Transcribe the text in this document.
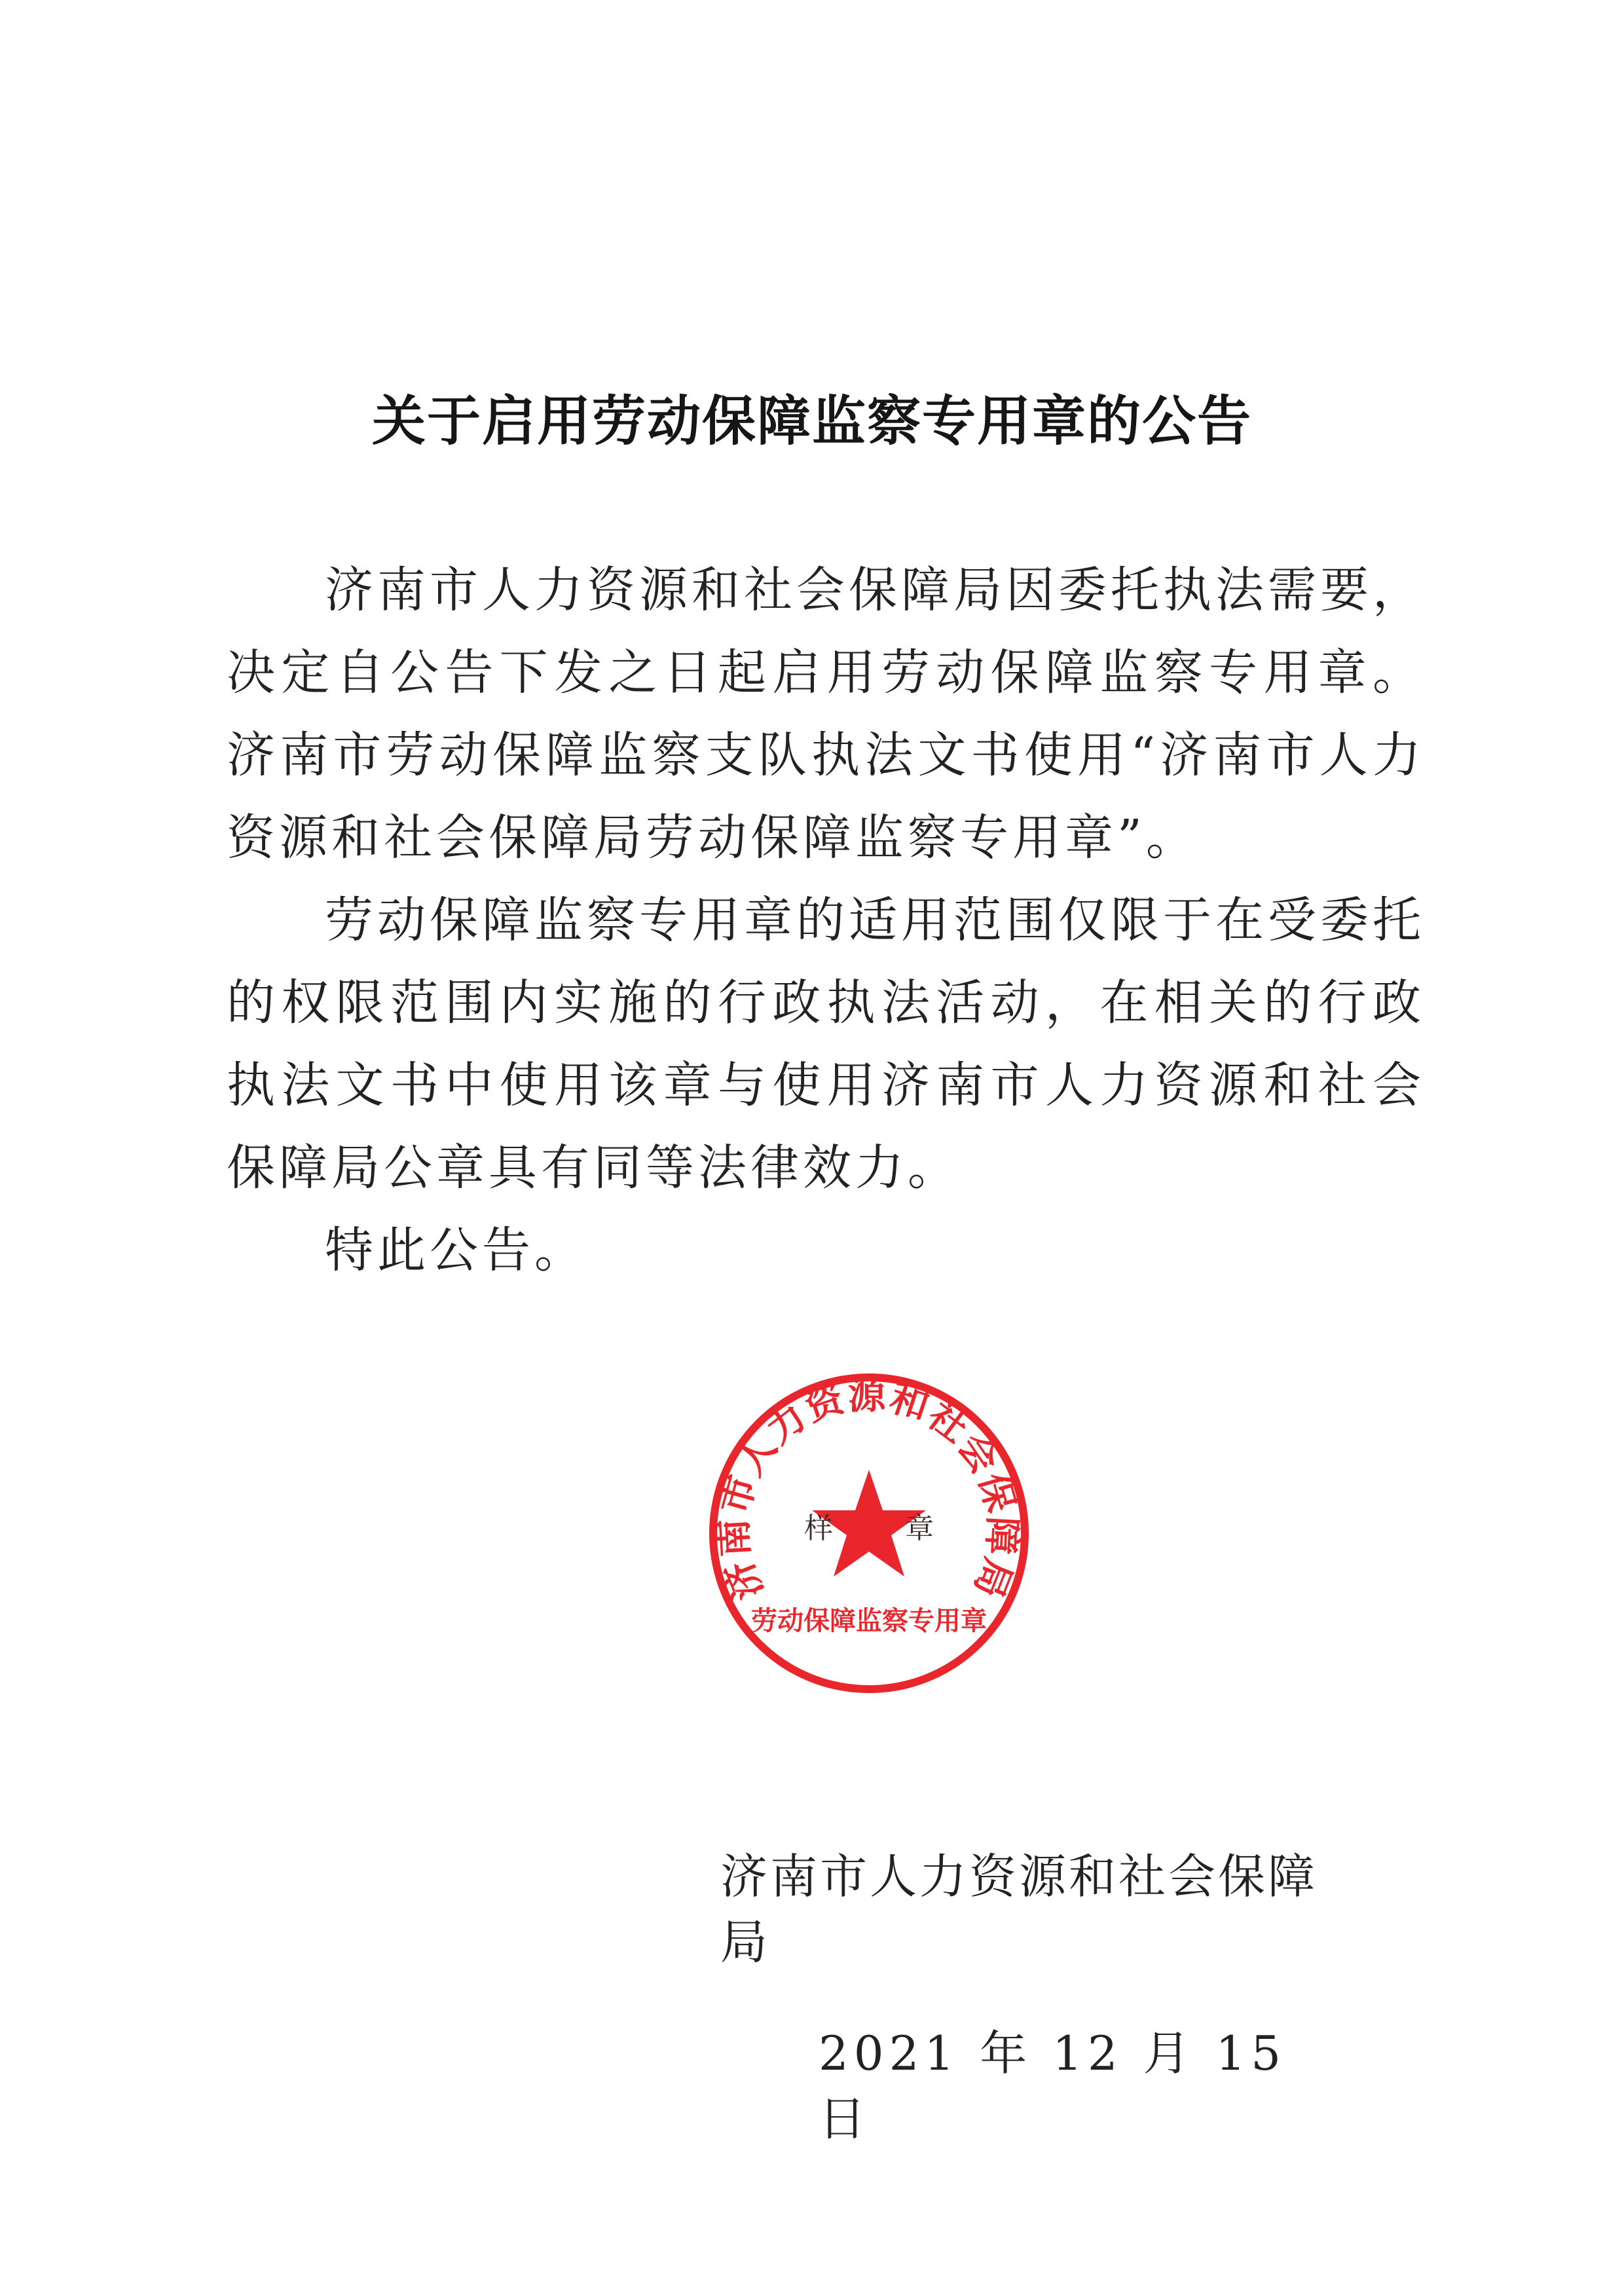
关于启用劳动保障监察专用章的公告

济南市人力资源和社会保障局因委托执法需要，决定自公告下发之日起启用劳动保障监察专用章。济南市劳动保障监察支队执法文书使用“济南市人力资源和社会保障局劳动保障监察专用章”。

劳动保障监察专用章的适用范围仅限于在受委托的权限范围内实施的行政执法活动，在相关的行政执法文书中使用该章与使用济南市人力资源和社会保障局公章具有同等法律效力。

特此公告。

济南市人力资源和社会保障局
样	章
劳动保障监察专用章
济南市人力资源和社会保障局
2021 年 12 月 15 日
